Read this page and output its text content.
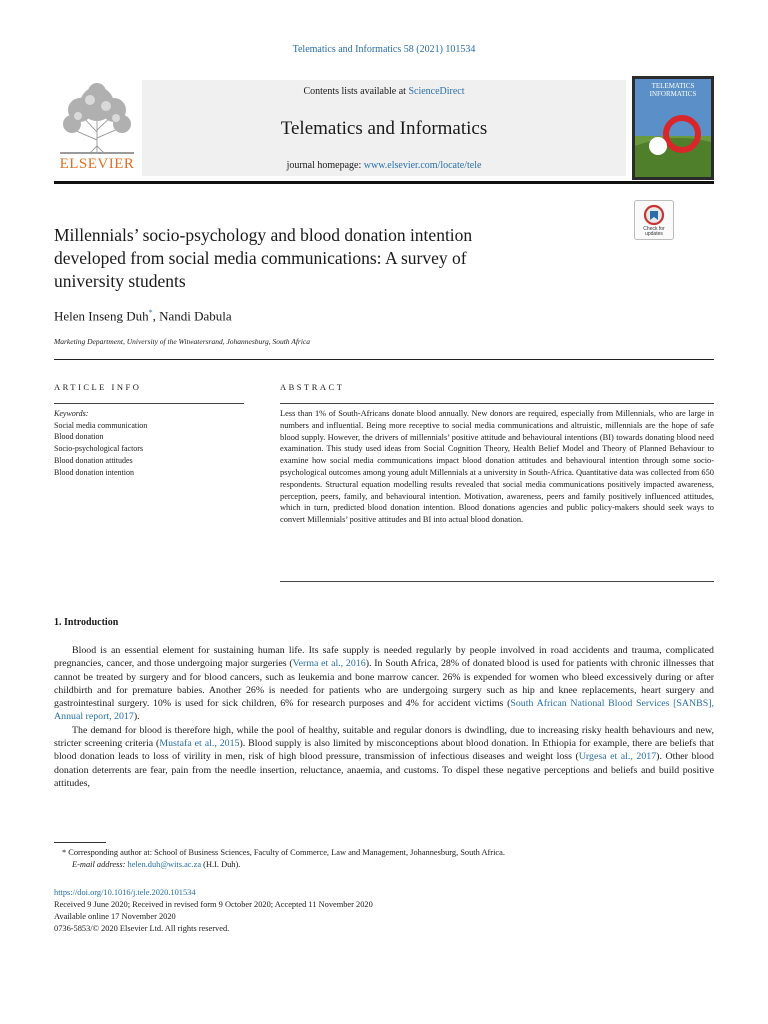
Telematics and Informatics 58 (2021) 101534
ELSEVIER
Contents lists available at ScienceDirect
Telematics and Informatics
journal homepage: www.elsevier.com/locate/tele
TELEMATICS
INFORMATICS
Check for
updates
Millennials’ socio-psychology and blood donation intention
developed from social media communications: A survey of
university students
Helen Inseng Duh*, Nandi Dabula
Marketing Department, University of the Witwatersrand, Johannesburg, South Africa
ARTICLE INFO	ABSTRACT
Keywords:
Social media communication
Blood donation
Socio-psychological factors
Blood donation attitudes
Blood donation intention
Less than 1% of South-Africans donate blood annually. New donors are required, especially from Millennials, who are large in numbers and influential. Being more receptive to social media communications and altruistic, millennials are the hope of safe blood supply. However, the drivers of millennials’ positive attitude and behavioural intentions (BI) towards donating blood need examination. This study used ideas from Social Cognition Theory, Health Belief Model and Theory of Planned Behaviour to examine how social media communications impact blood donation attitudes and behavioural intention through some socio-psychological outcomes among young adult Millennials at a university in South-Africa. Quantitative data was collected from 650 respondents. Structural equation modelling results revealed that social media communications positively impacted awareness, perception, peers, family, and behavioural intention. Motivation, awareness, peers and family positively influenced attitudes, which in turn, predicted blood donation intention. Blood donations agencies and public policy-makers should seek ways to convert Millennials’ positive attitudes and BI into actual blood donation.
1. Introduction

Blood is an essential element for sustaining human life. Its safe supply is needed regularly by people involved in road accidents and trauma, complicated pregnancies, cancer, and those undergoing major surgeries (Verma et al., 2016). In South Africa, 28% of donated blood is used for patients with chronic illnesses that cannot be treated by surgery and for blood cancers, such as leukemia and bone marrow cancer. 26% is expended for women who bleed excessively during or after childbirth and for premature babies. Another 26% is needed for patients who are undergoing surgery such as hip and knee replacements, heart surgery and gastrointestinal surgery. 10% is used for sick children, 6% for research purposes and 4% for accident victims (South African National Blood Services [SANBS], Annual report, 2017).

The demand for blood is therefore high, while the pool of healthy, suitable and regular donors is dwindling, due to increasing risky health behaviours and new, stricter screening criteria (Mustafa et al., 2015). Blood supply is also limited by misconceptions about blood donation. In Ethiopia for example, there are beliefs that blood donation leads to loss of virility in men, risk of high blood pressure, transmission of infectious diseases and weight loss (Urgesa et al., 2017). Other blood donation deterrents are fear, pain from the needle insertion, reluctance, anaemia, and customs. To dispel these negative perceptions and beliefs and build positive attitudes,

* Corresponding author at: School of Business Sciences, Faculty of Commerce, Law and Management, Johannesburg, South Africa.
E-mail address: helen.duh@wits.ac.za (H.I. Duh).
https://doi.org/10.1016/j.tele.2020.101534
Received 9 June 2020; Received in revised form 9 October 2020; Accepted 11 November 2020
Available online 17 November 2020
0736-5853/© 2020 Elsevier Ltd. All rights reserved.
